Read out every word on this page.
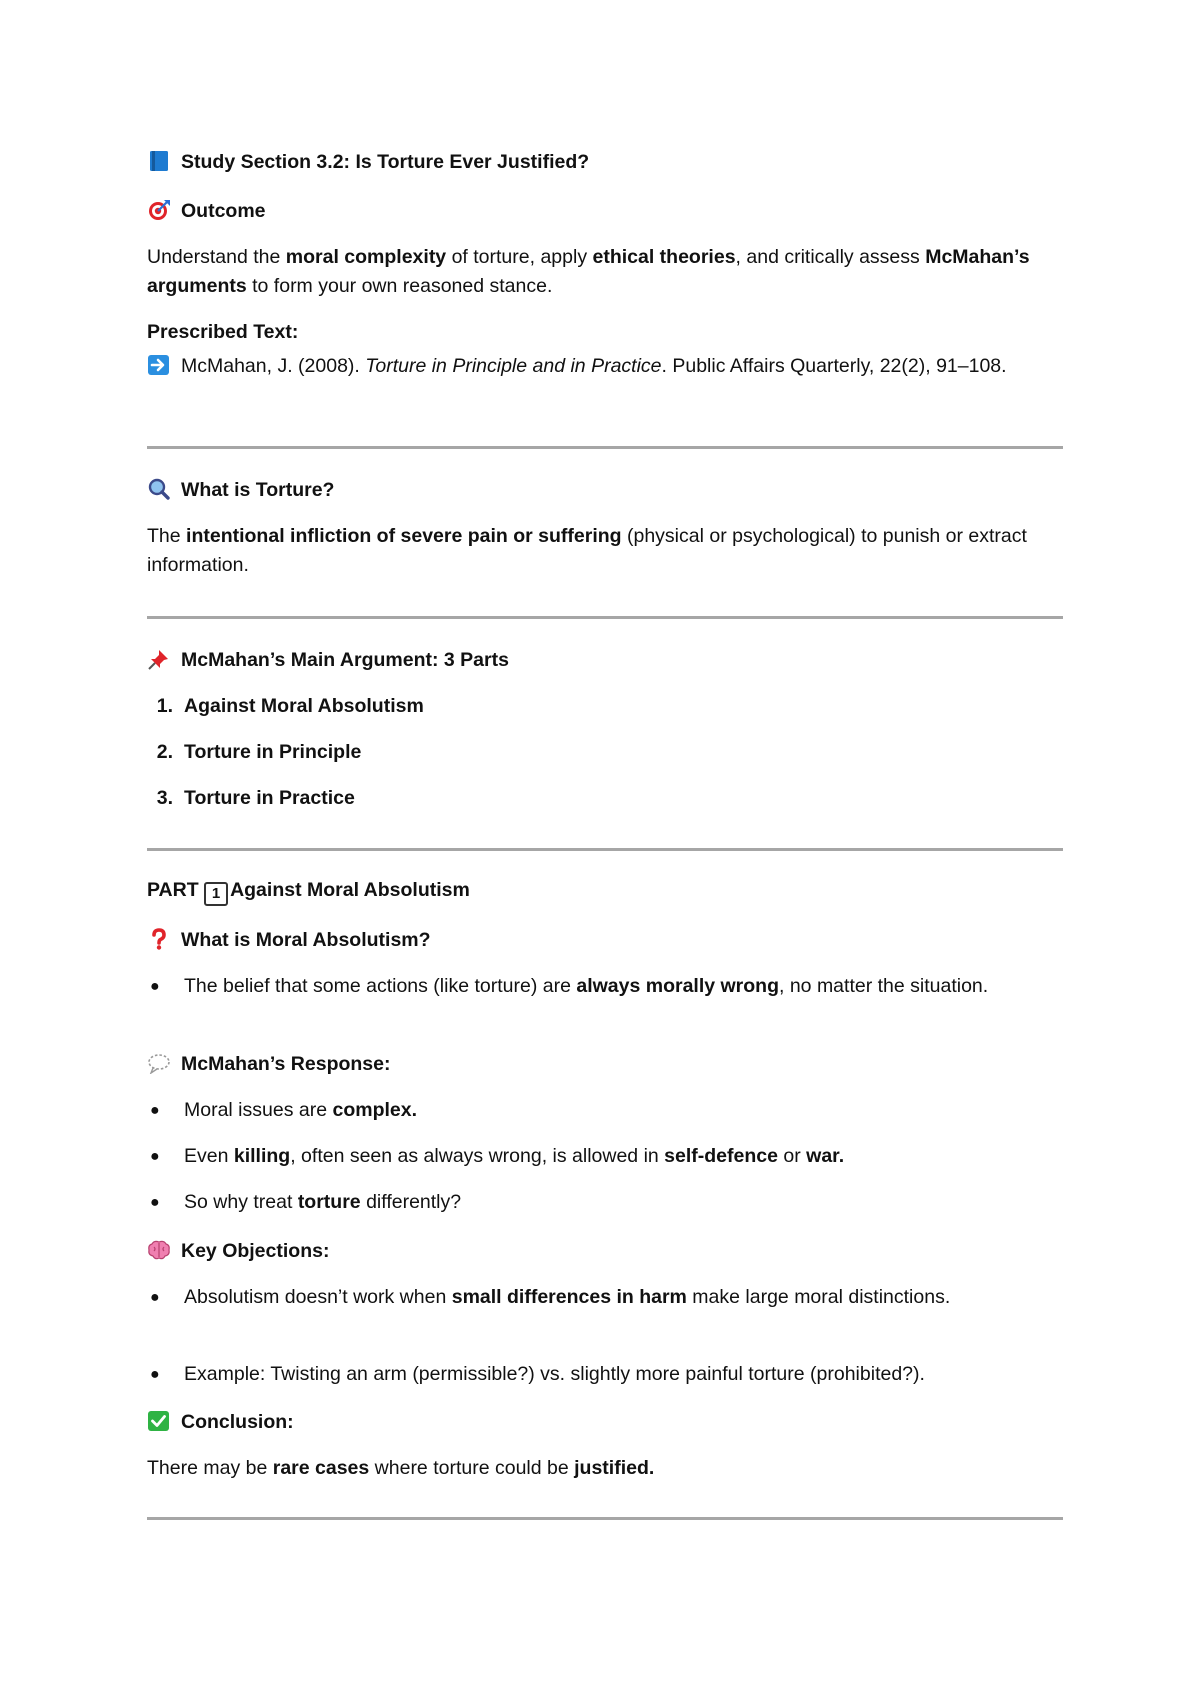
Study Section 3.2: Is Torture Ever Justified?
Outcome
Understand the moral complexity of torture, apply ethical theories, and critically assess McMahan’s arguments to form your own reasoned stance.
Prescribed Text:
McMahan, J. (2008). Torture in Principle and in Practice. Public Affairs Quarterly, 22(2), 91–108.
What is Torture?
The intentional infliction of severe pain or suffering (physical or psychological) to punish or extract information.
McMahan’s Main Argument: 3 Parts
1. Against Moral Absolutism
2. Torture in Principle
3. Torture in Practice
PART 1 Against Moral Absolutism
What is Moral Absolutism?
● The belief that some actions (like torture) are always morally wrong, no matter the situation.
McMahan’s Response:
● Moral issues are complex.
● Even killing, often seen as always wrong, is allowed in self-defence or war.
● So why treat torture differently?
Key Objections:
● Absolutism doesn’t work when small differences in harm make large moral distinctions.
● Example: Twisting an arm (permissible?) vs. slightly more painful torture (prohibited?).
Conclusion:
There may be rare cases where torture could be justified.
